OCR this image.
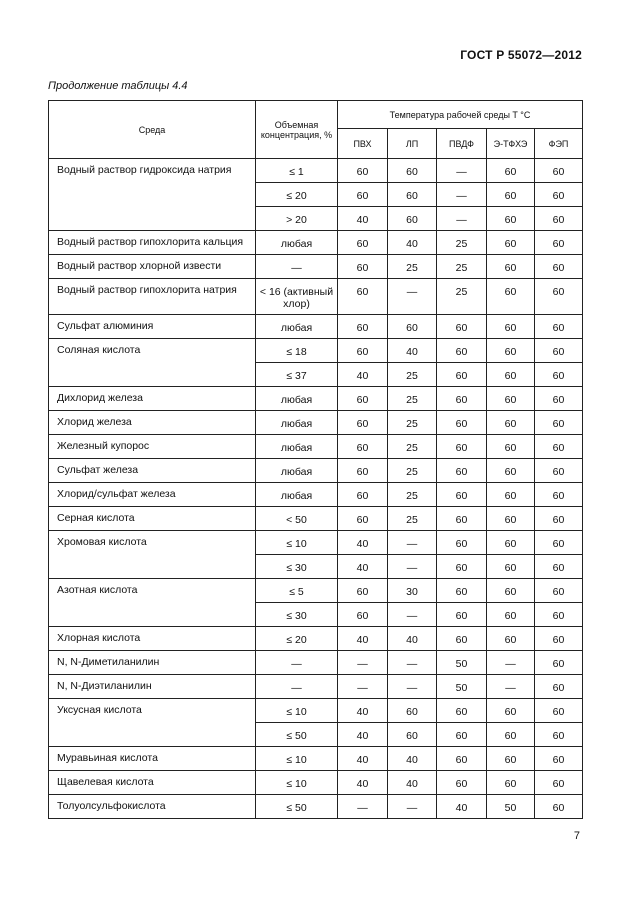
ГОСТ Р 55072—2012
Продолжение таблицы 4.4
Среда	Объемная концентрация, %	Температура рабочей среды T °C				
		ПВХ	ЛП	ПВДФ	Э-ТФХЭ	ФЭП
Водный раствор гидроксида натрия	≤ 1	60	60	—	60	60
	≤ 20	60	60	—	60	60
	> 20	40	60	—	60	60
Водный раствор гипохлорита кальция	любая	60	40	25	60	60
Водный раствор хлорной извести	—	60	25	25	60	60
Водный раствор гипохлорита натрия	< 16 (активный хлор)	60	—	25	60	60
Сульфат алюминия	любая	60	60	60	60	60
Соляная кислота	≤ 18	60	40	60	60	60
	≤ 37	40	25	60	60	60
Дихлорид железа	любая	60	25	60	60	60
Хлорид железа	любая	60	25	60	60	60
Железный купорос	любая	60	25	60	60	60
Сульфат железа	любая	60	25	60	60	60
Хлорид/сульфат железа	любая	60	25	60	60	60
Серная кислота	< 50	60	25	60	60	60
Хромовая кислота	≤ 10	40	—	60	60	60
	≤ 30	40	—	60	60	60
Азотная кислота	≤ 5	60	30	60	60	60
	≤ 30	60	—	60	60	60
Хлорная кислота	≤ 20	40	40	60	60	60
N, N-Диметиланилин	—	—	—	50	—	60
N, N-Диэтиланилин	—	—	—	50	—	60
Уксусная кислота	≤ 10	40	60	60	60	60
	≤ 50	40	60	60	60	60
Муравьиная кислота	≤ 10	40	40	60	60	60
Щавелевая кислота	≤ 10	40	40	60	60	60
Толуолсульфокислота	≤ 50	—	—	40	50	60
7
